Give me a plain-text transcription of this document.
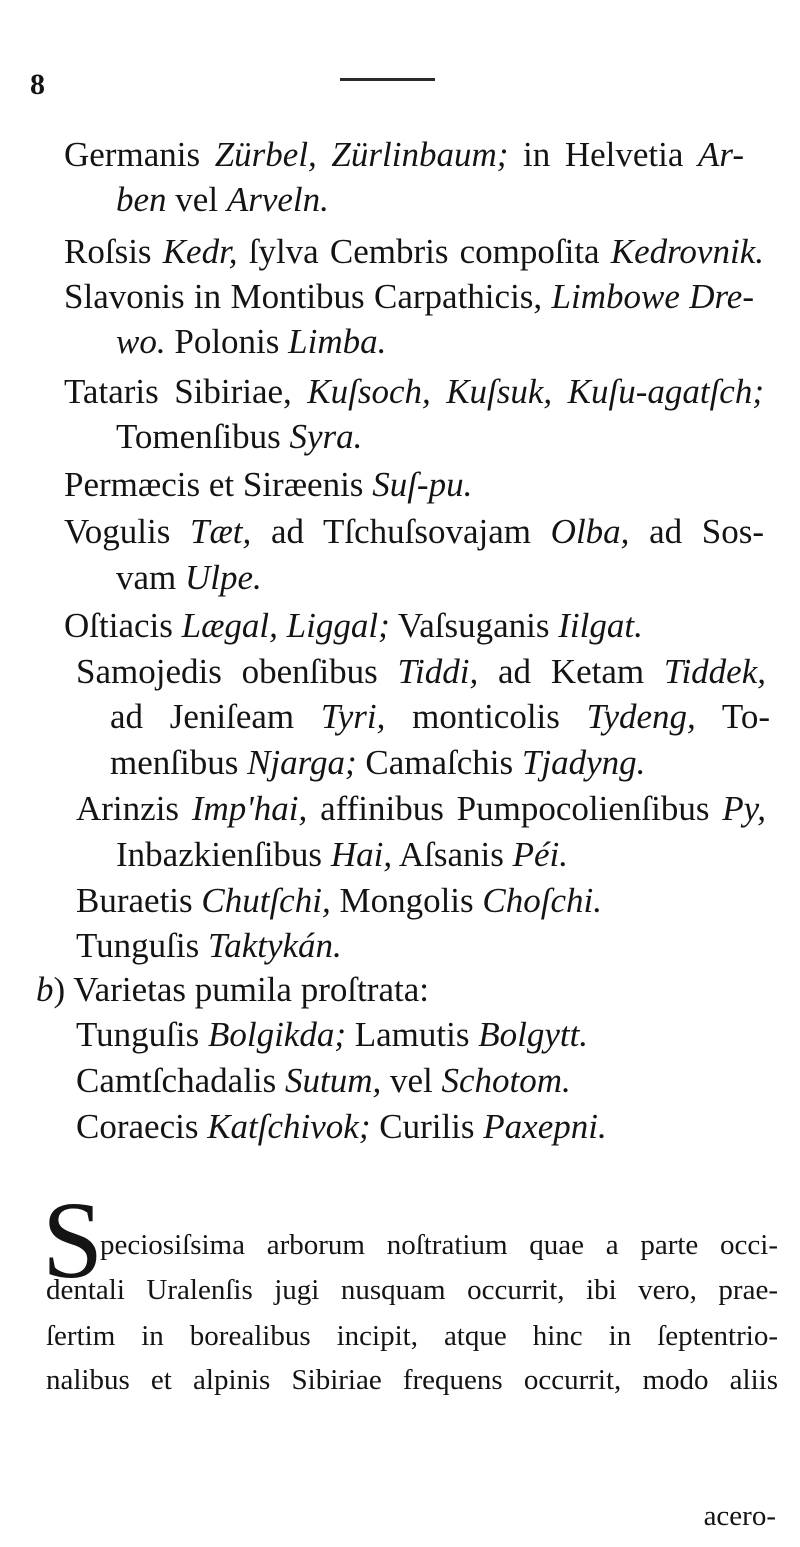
8
Germanis Zürbel, Zürlinbaum; in Helvetia Ar-
ben vel Arveln.
Roſsis Kedr, ſylva Cembris compoſita Kedrovnik.
Slavonis in Montibus Carpathicis, Limbowe Dre-
wo. Polonis Limba.
Tataris Sibiriae, Kuſsoch, Kuſsuk, Kuſu-agatſch;
Tomenſibus Syra.
Permæcis et Siræenis Suſ-pu.
Vogulis Tæt, ad Tſchuſsovajam Olba, ad Sos-
vam Ulpe.
Oſtiacis Lægal, Liggal; Vaſsuganis Iilgat.
Samojedis obenſibus Tiddi, ad Ketam Tiddek,
ad Jeniſeam Tyri, monticolis Tydeng, To-
menſibus Njarga; Camaſchis Tjadyng.
Arinzis Imp'hai, affinibus Pumpocolienſibus Py,
Inbazkienſibus Hai, Aſsanis Péi.
Buraetis Chutſchi, Mongolis Choſchi.
Tunguſis Taktykán.
b) Varietas pumila proſtrata:
Tunguſis Bolgikda; Lamutis Bolgytt.
Camtſchadalis Sutum, vel Schotom.
Coraecis Katſchivok; Curilis Paxepni.
S
peciosiſsima arborum noſtratium quae a parte occi-
dentali Uralenſis jugi nusquam occurrit, ibi vero, prae-
ſertim in borealibus incipit, atque hinc in ſeptentrio-
nalibus et alpinis Sibiriae frequens occurrit, modo aliis
acero-
